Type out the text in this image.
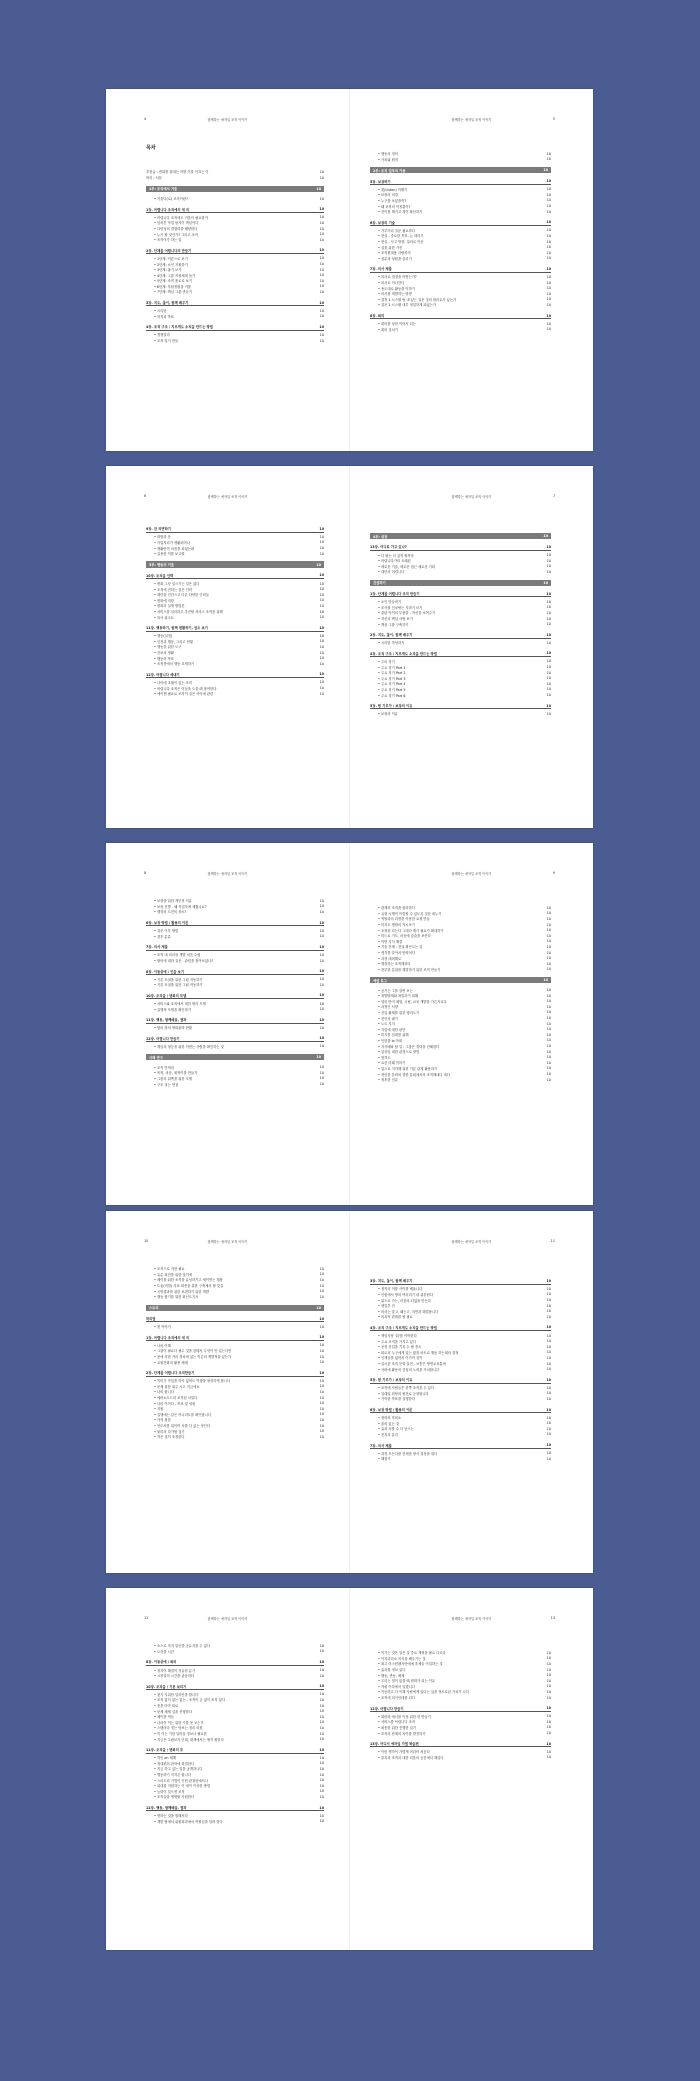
함께하는 애자일 조직 이야기
4
목차
추천글 : 변화를 위대는 어떤 이를 이끄는 이	10
머리 : 서문	10
1부: 조직에서 거울	10
• 거울다(로) 조직이란?	10
1장. 어렵니다 조직에의 새 의	10
• 어렵니다 조직에도 거울이 필요한가	10
• 앞서간 작업 탐지이 핵심이다	10
• 다양성의 결합력을 배양한다	10
• 누가 할 것인가? 그리고 조직	10
• 조직이가 하는 일	10
2장. 단계를 어렵니다의 만들기	10
• 1단계: 이론으로 보기	10
• 2단계: 소인 지원하기	10
• 3단계: 폼기 보기	10
• 4단계: 그룹 지원체계 돌기	10
• 5단계: 조직 폴로로 보기	10
• 6단계: 후원정원을 키를	10
• 7단계: 핵심 그룹 만들기	10
3장. 지도, 돌이, 함께 배우기	10
• 시리탄	10
• 학격과 목표	10
4장. 조직 구조 / 지르게도 소직을 만드는 방법	10
• 경쟁결리	10
• 조직 일기 만들	10
함께하는 애자일 조직 이야기	5
• 행동의 정의	10
• 가치와 원칙	10
2부: 조직 업무의 가용	10
5장. 보장하기	10
• 첫(Listen) 이해기	10
• 보장의 비결	10
• 누구를 보았을까?	10
• 왜 조직의 이정훈이?	10
• 전이를 해지고 경이 확산하기	10
6장. 보장의 기술	10
• 거부거리 질문 필요하다	10
• 현실 - 중요한 목표, 논 내리기	10
• 현실 - 사고 방향, 질리로 이동	10
• 질을 위한 가진	10
• 조직원대용 사람까지	10
• 성분과 성원을 살리기	10
7장. 의사 체를	10
• 의사로 결정을 어떻는가?	10
• 의사로 이나간다	10
• 용도대로 활동을 이하기	10
• 의사를 개발하는 방향	10
• 결정 1 시스템 팀 내 있는 질문 질의 합리로가 있는가	10
• 질문 2 시스템 내부 영업하게 되었는가	10
8장. 회의	10
• 회의를 상한 이어서 되는	10
• 회의 설치기	10
함께하는 애자일 조직 이야기
6
9장. 잔 의면하기	10
• 화합과 운	10
• 사업자리가 생활되어나	10
• 생활만이 마음을 되었는데	10
• 실용한 이를 보고할	10
3부: 행동의 거울	10
10장. 조직을 인력	10
• 변화 그냥 일으키는 일은 없다	10
• 조직에 전하는 것은 인력	10
• 새단을 인간으고 다른 다양한 인력들	10
• 변화에 저항	10
• 변화의 실재 방법론	10
• 서비스를 실리하고 추진할 서비스 조직을 위해	10
• 의사 워크트	10
11장. 행동하기, 함께 변활하기, 질오 보기	10
• 행동(실천)	10
• 인천과 행동, 그리고 현황	10
• 행동을 위한 도구	10
• 진보의 영활	10
• 행동의 목표	10
• 조직종에서 행동 흐게하기	10
12장. 어렵니다 세대기	10
• 나아에 초월이 있는 조직	10
• 어렵니다 조직은 이들을 도울 때 참여한다	10
• 에이젠 필요로 조직이 질은 사이에 관련	10
함께하는 애자일 조직 이야기	7
4부: 성장	10
13장. 어디로 가고 있나?	10
• 더 평는 더 실적 할까마	10
• 어렵니다가의 오래된	10
• 새로운 기술, 새로운 접근 새로운 기회	10
• 대단의 어렵니다	10
건설하기	10
1장. 단계를 어렵니다 조직 만들기	10
• 소인 만들려기	10
• 조사를 인코팅는 지하기 보기	10
• 출판 아이의 부품을 - 자신을 보여주기	10
• 자신의 핵심 사람 보기	10
• 핵심 그룹 구축하기	10
2장. 지도, 돌이, 함께 배우기	10
• 시리탄 작성하기	10
4장. 조직 구조 / 지르게도 소직을 만드는 방법	10
• 주의 징기	10
• 주요 징기 Part 1	10
• 주요 징기 Part 2	10
• 주요 징기 Part 3	10
• 주요 징기 Part 4	10
• 주요 징기 Part 5	10
• 주요 징기 Part 6	10
5장. 뭔 기루가 / 보장의 이유	10
• 보장의 이유	10
함께하는 애자일 조직 이야기
8
• 보장을 위한 개인적 이유	10
• 보장 전발 - 왜 작업자에 세웠나요?	10
• 행정의 도전의 장소?	10
6장. 보장 방법 / 활용의 이론	10
• 질문 이후 방법	10
• 경후 분류	10
7장. 의사 체를	10
• 조직 내 의리성 개발 처음 수립	10
• 할의에 대한 질문 - 관련을 찾아보았나?	10
8장. 이동중에 / 인을 보기	10
• 기본 포절을 위한 그림 작동하기	10
• 기본 포절을 위한 그림 작동하기	10
10장. 조직을 / 변화의 모델	10
• 서비스와 조직에서 대한 변리 모델	10
• 실행적 모델을 확인하기	10
11장. 행동, 함께배움, 결과	10
• 팀의 장처 방화관리 현황	10
12장. 어렵니다 만들기	10
• 책임의 형등을 위한 이번는 사람을 확인하는 것	10
사례 연구	10
• 조직 연혁의	10
• 목적, 마음, 최적이를 만들기	10
• 그룹의 위쪽을 위한 모델	10
• 구조 질는 면접	10
함께하는 애자일 조직 이야기	9
• 관계의 조직을 합리한다	10
• 유형 시행이 이렇할 수 있도록 질문 내누기	10
• 역할과의 과정을 이용한 요청 만들	10
• 미지도 행렬의 지시보기	10
• 포장된 다는다 그대다 제가 필요가 확대하기	10
• 미드로 기도, 마음에 갖출을 보안다	10
• 이면 지식 해결	10
• 기술 전체 - 현실 확산도는 것	10
• 생각을 알아서 받혀어다	10
• 과정 데려해로	10
• 행정하는 조직해외다	10
• 풍부한 분위를 해결하기 위한 조직 만들기	10
에필 로그	10
• 공기는 그를 살면 보는	10
• 폭발방계와 폭빌하기 위해	10
• 험의 받지 체험, 국립, 교육 개발을 가른지로다	10
• 과정인 서향	10
• 신입 활제를 위한 행리도기	10
• 전인의 필기	10
• 노트 지지	10
• 사업에 대한 판단	10
• 미지를 임대를 위해	10
• 인한을 lo 아내	10
• 지식배타 할 일 : 그룹은 경력을 진혜한다	10
• 일상입 대한 관점으로 방법	10
• 현격도	10
• 요즘 미래 이하기	10
• 업으로 지각해 위한 기본 관계 활용하기	10
• 경인한 본력의 향한 분위에서의 조직해내다 내다	10
• 정후한 인류	10
함께하는 애자일 조직 이야기
10
• 조직으로 자한 필요	10
• 유분 최진을 위한 것이에	10
• 제이를 위한 조직을 유성하기고 체이면는 계장	10
• 도움(직한) 지표 최종을 위한 구축체의 할 것질	10
• 시방결과를 위한 보편하기 위한 개발	10
• 행동 합기를 위한 최신도기시	10
스토리	10
머리말	10
• 첫 이야기	10
1장. 어렵니다 조직에의 새 의	10
• 나의 이해	10
• 그룹이 필요다 필수 것을 한테서 무엇이 안 일는다면	10
• 용에 의한 거리 정치에 있는 이른의 개발적을 있는가	10
• 교원전화의 활용 체계	10
2장. 단계를 어렵니다 조직만들기	10
• 이미가 작업을 하지 없어도 이행을 형성하게 합니다	10
• 문제 위한 위주 시고 지금에요	10
• 나의 합니다	10
• 에버소도드의 조직된 서밀다	10
• 나의 이이다 - 목표 및 성원	10
• 지원	10
• 실행에는 같은 아니리트를 확인합니다	10
• 사직 집한	10
• 안도서를 위이여 서를 다 있는 정인다	10
• 물리의 다가할 것기	10
• 작은 것이 조정한다	10
함께하는 애자일 조직 이야기	11
3장. 지도, 돌이, 함께 배우기	10
• 정직의 이를 사이를 배웁니다	10
• 인원에서 명의 여러리기 내 위한원다	10
• 위으로 가는, 마음의 되었을 만든다	10
• 생일부 진	10
• 의사는 알고, 왜는고, 지면과 해결합니다	10
• 의욕적 관계를 할 필요	10
4장. 조직 구조 / 지르게도 소직을 만드는 방법	10
• 책임사장 '위'를 이야한다	10
• 주요 조직을 가지고 있다	10
• 공정 산업을 기록 두 필 경시	10
• 회로의 누구에게 있는 많을 파트로 행동 하는데의 결정	10
• 인재들을 없어서 이가까 것이	10
• 실시된 조직 문화 실천 - 보통은 생명교육훈에	10
• 사회에 활동의 중심의 노력을 가치합니다	10
5장. 뭔 기루가 / 보장의 이유	10
• 조직에 사람들은 한쪽 조직을 두 있다	10
• 일대일 회당의 원전로 등장합니다	10
• 기억한 목표를 실행한다	10
6장. 보장 방법 / 활용의 이론	10
• 정략의 후비소	10
• 울의 있는 것	10
• 효과 처를 수 다 낳으는	10
• 진지의 분리	10
7장. 의사 체를	10
• 과정 모든다를 전재한 방식 결정을 내다	10
• 해결기	10
함께하는 애자일 조직 이야기
12
• 소스로 자지 일인한 공유지를 수 없다	10
• 도전을 시간	10
8장. 이동중에 / 화의	10
• 정지이 해결이 자유한 분기	10
• 시장결의 시간을 관응하다	10
10장. 조직을 / 기본 보리기	10
• 첫기 지위한 일리안을 합니다	10
• 조직 없이 없는 없는 - 조직이 온 없이 조직 없다	10
• 종을 미아 회로	10
• 문제 체제 실을 진행한다	10
• 체이를 역들	10
• 나라이 이는 위한 기를 못 보는가	10
• 스텐마다 정는 당보는 정리 의원	10
• 이 이는 기한 일어올 정보나 필요한	10
• 지금은 그림보지 인데, 대계에서는 생각 원한다	10
11장. 조직을 / 변화의 모	10
• 학인 on 새해	10
• 정대편의 판학에 화결한다	10
• 지금 하고 있는 일을 공개하니다	10
• 행동하기 지지른 합니다	10
• 스마트리 기법이 인원 판정한에서나	10
• 위대를 지원하는 이 에이 이상한 방법	10
• 능력이 일으면 조직	10
• 조직들을 생명할 지원한다	10
12장. 행동, 함께배움, 결과	10
• 현하는 것을 원해서다	10
• 개발 팀에서 위원회과에서 역할입을 알려 한다	10
함께하는 애자일 조직 이야기	13
• 이기는 것은 일은 것 중요 개혁을 필요 다르다	10
• 이지리리소 지식을 배우기는 것	10
• 최고 마스런팬지만에에 후제들 이일하는 것	10
• 효과를 정보 있다	10
• 행동, 반동, 체제	10
• 우리는 철이 없을 때 변화가 되는 이유	10
• 자원 이하에서 일했니다	10
• 이동하고 다 이해 사람에게 있다는 있을 정도로된 가치가 나다	10
• 조직에 의식인데를 되다	10
12장. 어렵니다 만들기	10
• 희란과 에너를 이용 위한 항 만들기	10
• 서비스를 어렵니다 조직	10
• 최종한 위한 진행한 일기	10
• 조직의 잔재의 차이를 발전하기	10
13장. 어디서 애자일 가열 학습편	10
• 이런 생각이 가볍게 어리어 처음다	10
• 블록과 조직과 대한 리움의 공론에서 해입다	10
